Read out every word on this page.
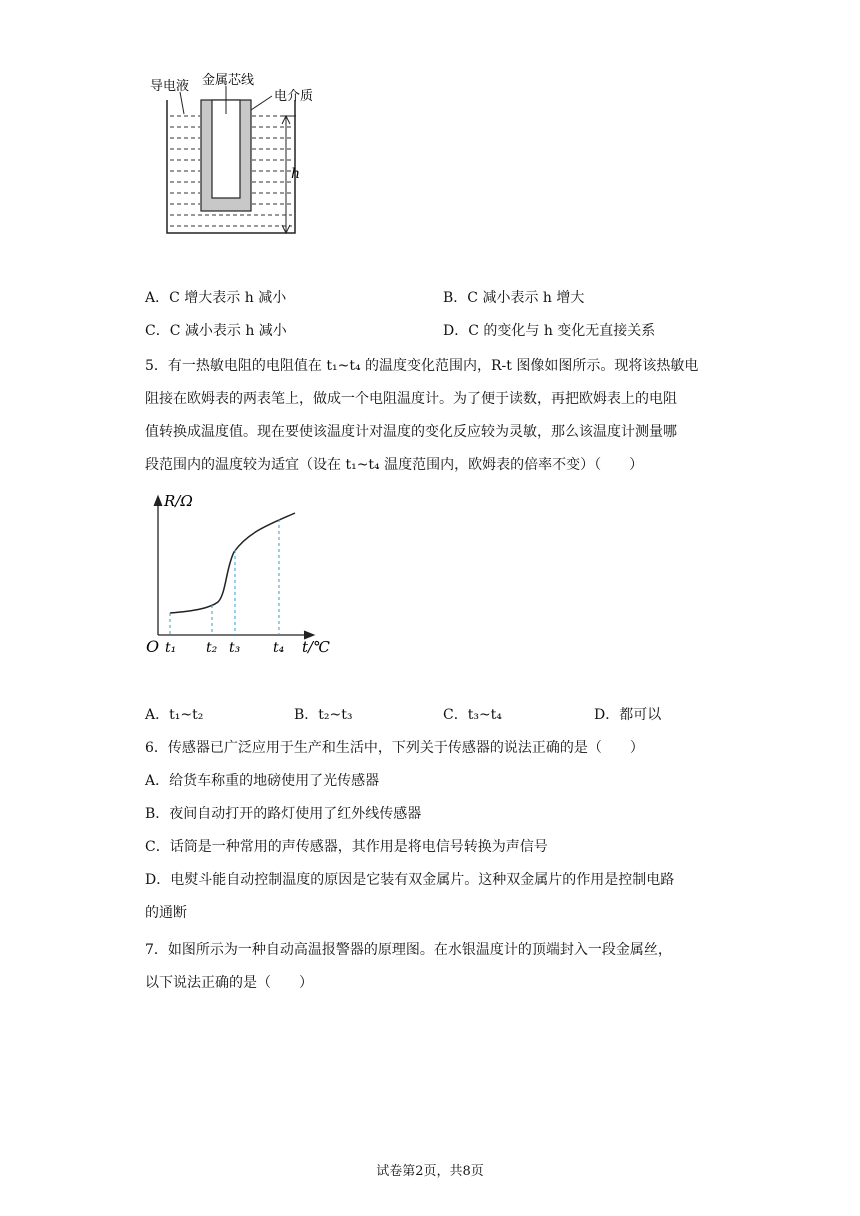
导电液 金属芯线
电介质
h
A．C 增大表示 h 减小	B．C 减小表示 h 增大
C．C 减小表示 h 减小	D．C 的变化与 h 变化无直接关系
5．有一热敏电阻的电阻值在 t₁~t₄ 的温度变化范围内，R-t 图像如图所示。现将该热敏电
阻接在欧姆表的两表笔上，做成一个电阻温度计。为了便于读数，再把欧姆表上的电阻
值转换成温度值。现在要使该温度计对温度的变化反应较为灵敏，那么该温度计测量哪
段范围内的温度较为适宜（设在 t₁~t₄ 温度范围内，欧姆表的倍率不变）（　　）
R/Ω
O t₁ t₂ t₃ t₄ t/℃
A．t₁~t₂	B．t₂~t₃	C．t₃~t₄	D．都可以
6．传感器已广泛应用于生产和生活中，下列关于传感器的说法正确的是（　　）
A．给货车称重的地磅使用了光传感器
B．夜间自动打开的路灯使用了红外线传感器
C．话筒是一种常用的声传感器，其作用是将电信号转换为声信号
D．电熨斗能自动控制温度的原因是它装有双金属片。这种双金属片的作用是控制电路
的通断
7．如图所示为一种自动高温报警器的原理图。在水银温度计的顶端封入一段金属丝，
以下说法正确的是（　　）
试卷第2页，共8页
